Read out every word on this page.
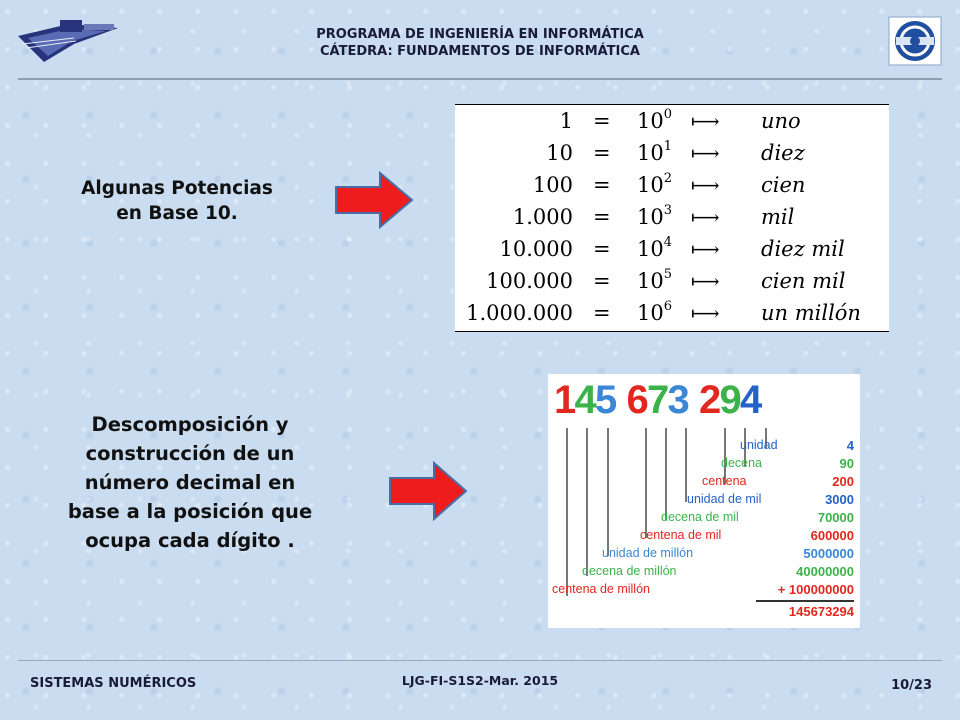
PROGRAMA DE INGENIERÍA EN INFORMÁTICA
CÁTEDRA: FUNDAMENTOS DE INFORMÁTICA
Algunas Potencias
en Base 10.
$1 = 10^0$ ⟼ uno
$10 = 10^1$ ⟼ diez
$100 = 10^2$ ⟼ cien
$1.000 = 10^3$ ⟼ mil
$10.000 = 10^4$ ⟼ diez mil
$100.000 = 10^5$ ⟼ cien mil
$1.000.000 = 10^6$ ⟼ un millón
Descomposición y
construcción de un
número decimal en
base a la posición que
ocupa cada dígito .
145 673 294
unidad	4
decena	90
centena	200
unidad de mil	3000
decena de mil	70000
centena de mil	600000
unidad de millón	5000000
decena de millón	40000000
centena de millón	+ 100000000
145673294
SISTEMAS NUMÉRICOS	LJG-FI-S1S2-Mar. 2015	10/23
